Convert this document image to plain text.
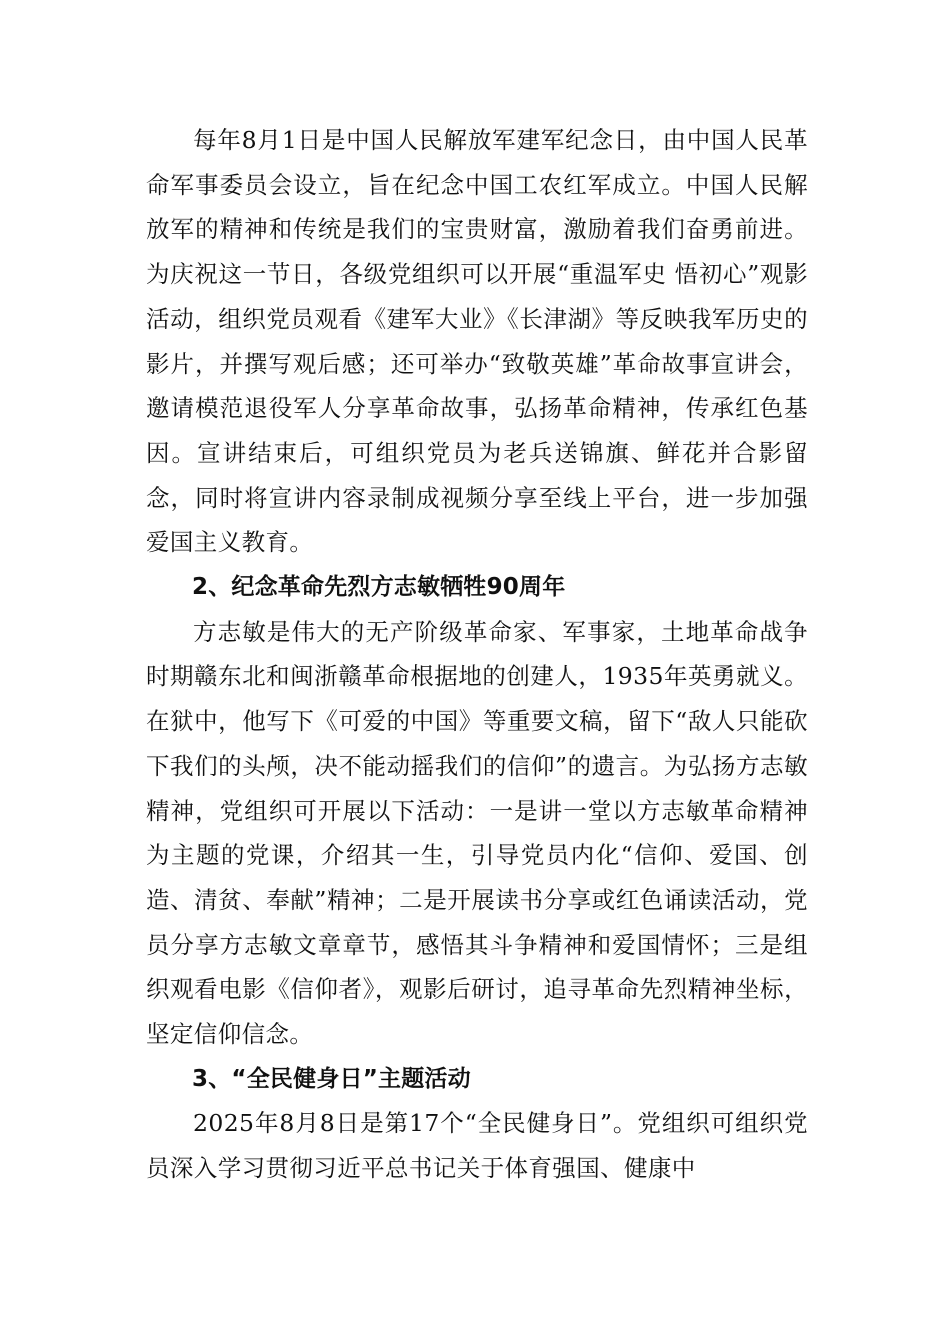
每年8月1日是中国人民解放军建军纪念日，由中国人民革命军事委员会设立，旨在纪念中国工农红军成立。中国人民解放军的精神和传统是我们的宝贵财富，激励着我们奋勇前进。为庆祝这一节日，各级党组织可以开展“重温军史 悟初心”观影活动，组织党员观看《建军大业》《长津湖》等反映我军历史的影片，并撰写观后感；还可举办“致敬英雄”革命故事宣讲会，邀请模范退役军人分享革命故事，弘扬革命精神，传承红色基因。宣讲结束后，可组织党员为老兵送锦旗、鲜花并合影留念，同时将宣讲内容录制成视频分享至线上平台，进一步加强爱国主义教育。

2、纪念革命先烈方志敏牺牲90周年

方志敏是伟大的无产阶级革命家、军事家，土地革命战争时期赣东北和闽浙赣革命根据地的创建人，1935年英勇就义。在狱中，他写下《可爱的中国》等重要文稿，留下“敌人只能砍下我们的头颅，决不能动摇我们的信仰”的遗言。为弘扬方志敏精神，党组织可开展以下活动：一是讲一堂以方志敏革命精神为主题的党课，介绍其一生，引导党员内化“信仰、爱国、创造、清贫、奉献”精神；二是开展读书分享或红色诵读活动，党员分享方志敏文章章节，感悟其斗争精神和爱国情怀；三是组织观看电影《信仰者》，观影后研讨，追寻革命先烈精神坐标，坚定信仰信念。

3、“全民健身日”主题活动

2025年8月8日是第17个“全民健身日”。党组织可组织党员深入学习贯彻习近平总书记关于体育强国、健康中
